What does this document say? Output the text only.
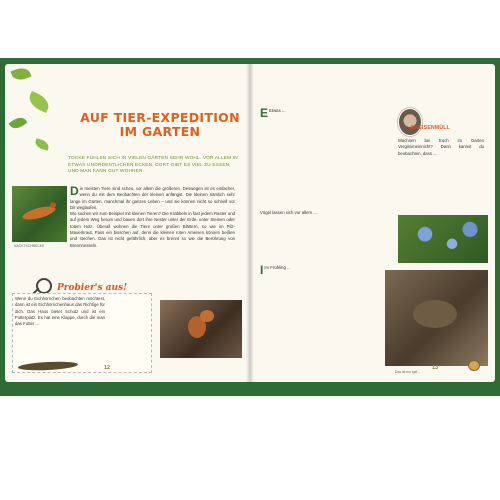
AUF TIER-EXPEDITION IM GARTEN
TOCKE FÜHLEN SICH IN VIELEN GÄRTEN SEHR WOHL. VOR ALLEM IN ETWAS UNORDENTLICHEN ECKEN, DORT GIBT ES VIEL ZU ESSEN, UND MAN KANN GUT WOHNEN.
NACKTSCHNECKE
D ie meisten Tiere sind scheu, vor allem die größeren. Deswegen ist es einfacher, wenn du mit dem Beobachten der kleinen anfängst. Die kleinen nämlich sehr lange im Garten, manchmal ihr ganzes Leben – und sie können nicht so schnell vor Dir weglaufen.
Wo suchen wir zum Beispiel mit kleinen Tieren? Die Krabbeln in fast jedem Raster und auf jedem Weg herum und bauen dort ihre Nester unter der Erde, unter Steinen oder totem Holz. Überall wohnen die Tiere unter großen Blättern, so wie im Pilz-Mauerkraut. Pass ein bisschen auf, denn die kleinen roten Ameisen können beißen und stechen. Das ist nicht gefährlich, aber es brennt so wie die Berührung von Brennnesseln.
Probier's aus!
Wenn du Eichhörnchen beobachten möchtest, dann ist ein Eichhörnchenhaus das Richtige für dich. Das Haus bietet Schutz und ist ein Futterplatz. Es hat eine Klappe, durch die man das Futter ...
12
E Etwas ...
Vögel lassen sich vor allem ...
I Im Frühling ...
AMEISENMÜLL
Wachsen bei Euch im Garten Vergissmeinnicht? Dann kannst du beobachten, dass ...
Das ist ein Igel ...
13
